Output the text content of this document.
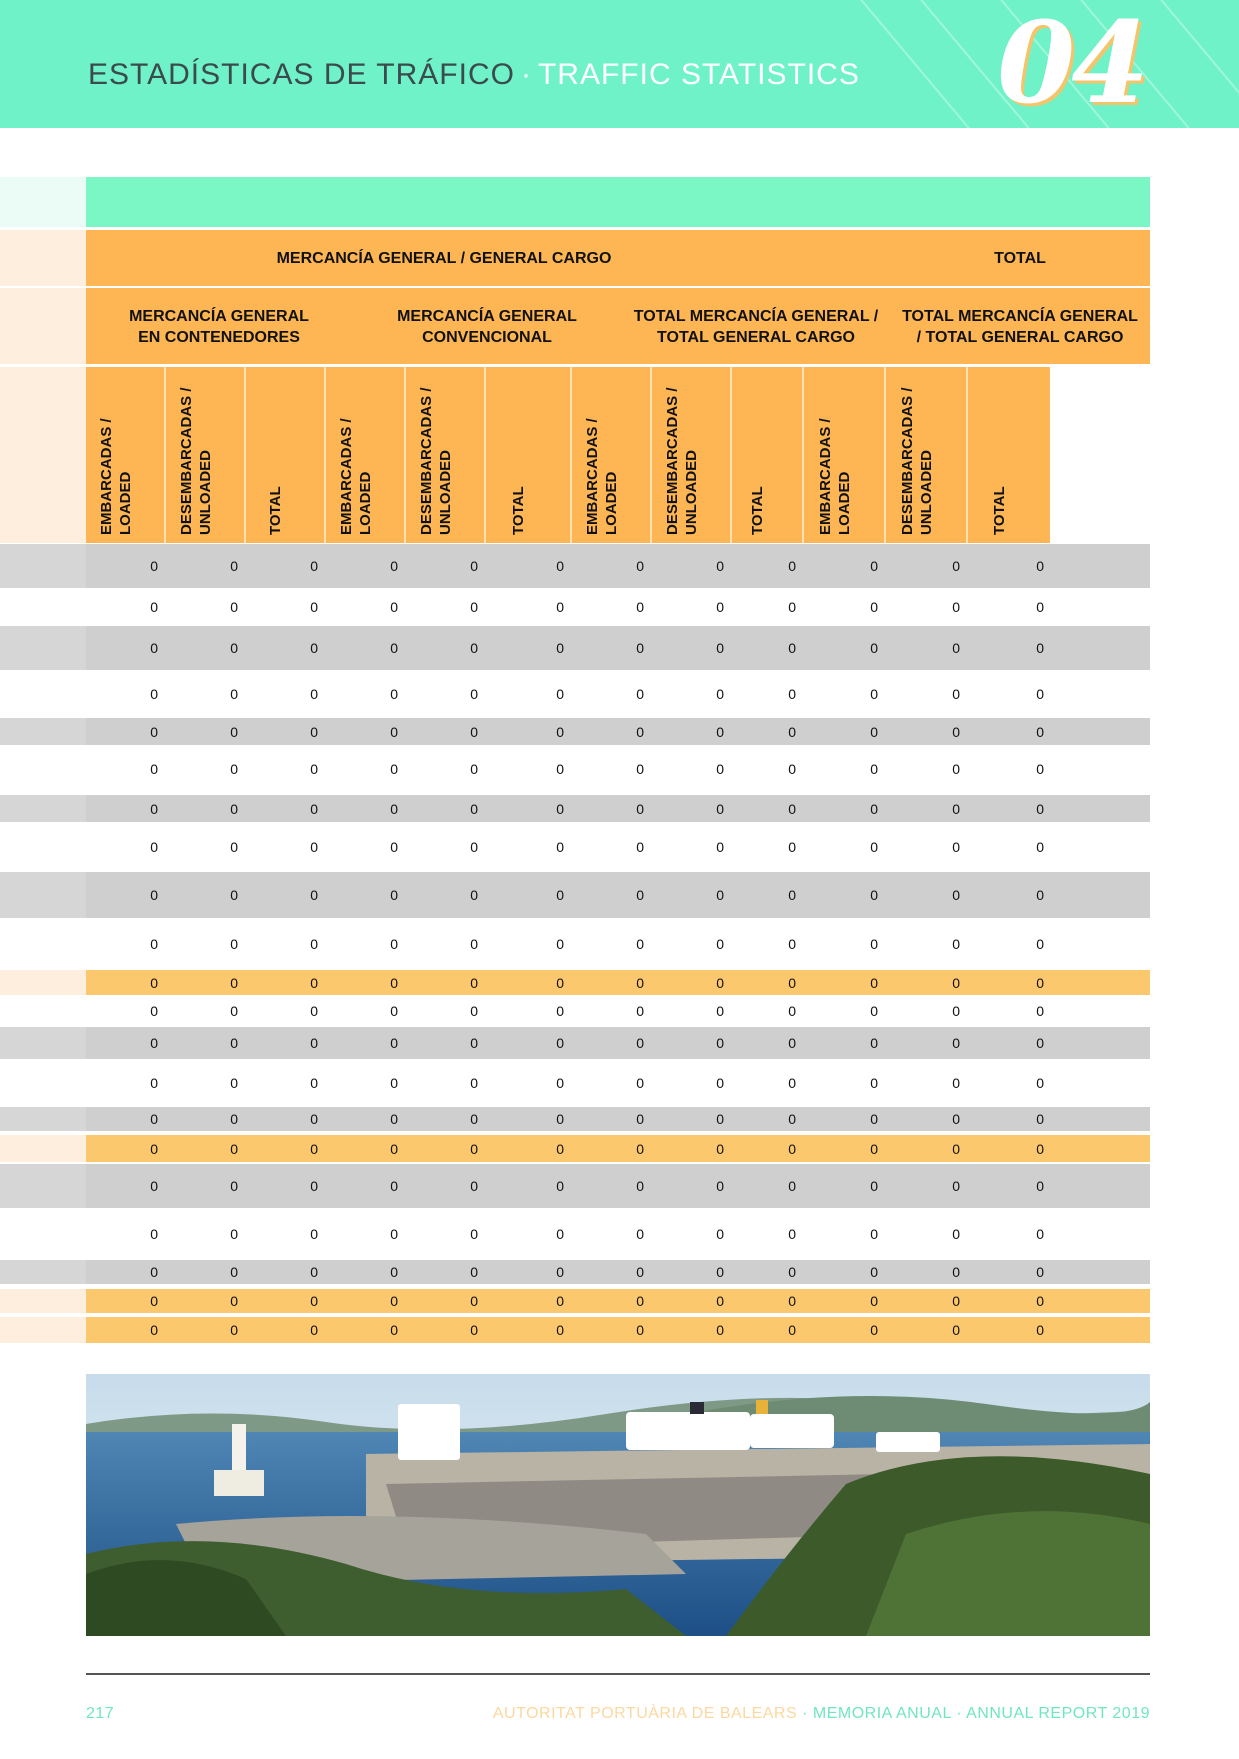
ESTADÍSTICAS DE TRÁFICO · TRAFFIC STATISTICS 04
MERCANCÍA GENERAL / GENERAL CARGO	TOTAL
MERCANCÍA GENERAL
EN CONTENEDORES
MERCANCÍA GENERAL
CONVENCIONAL
TOTAL MERCANCÍA GENERAL /
TOTAL GENERAL CARGO
TOTAL MERCANCÍA GENERAL
/ TOTAL GENERAL CARGO
EMBARCADAS / LOADED	DESEMBARCADAS / UNLOADED	TOTAL	EMBARCADAS / LOADED	DESEMBARCADAS / UNLOADED	TOTAL	EMBARCADAS / LOADED	DESEMBARCADAS / UNLOADED	TOTAL	EMBARCADAS / LOADED	DESEMBARCADAS / UNLOADED	TOTAL
0	0	0	0	0	0	0	0	0	0	0	0
0	0	0	0	0	0	0	0	0	0	0	0
0	0	0	0	0	0	0	0	0	0	0	0
0	0	0	0	0	0	0	0	0	0	0	0
0	0	0	0	0	0	0	0	0	0	0	0
0	0	0	0	0	0	0	0	0	0	0	0
0	0	0	0	0	0	0	0	0	0	0	0
0	0	0	0	0	0	0	0	0	0	0	0
0	0	0	0	0	0	0	0	0	0	0	0
0	0	0	0	0	0	0	0	0	0	0	0
0	0	0	0	0	0	0	0	0	0	0	0
0	0	0	0	0	0	0	0	0	0	0	0
0	0	0	0	0	0	0	0	0	0	0	0
0	0	0	0	0	0	0	0	0	0	0	0
0	0	0	0	0	0	0	0	0	0	0	0
0	0	0	0	0	0	0	0	0	0	0	0
0	0	0	0	0	0	0	0	0	0	0	0
0	0	0	0	0	0	0	0	0	0	0	0
0	0	0	0	0	0	0	0	0	0	0	0
0	0	0	0	0	0	0	0	0	0	0	0
0	0	0	0	0	0	0	0	0	0	0	0
217	AUTORITAT PORTUÀRIA DE BALEARS · MEMORIA ANUAL · ANNUAL REPORT 2019
